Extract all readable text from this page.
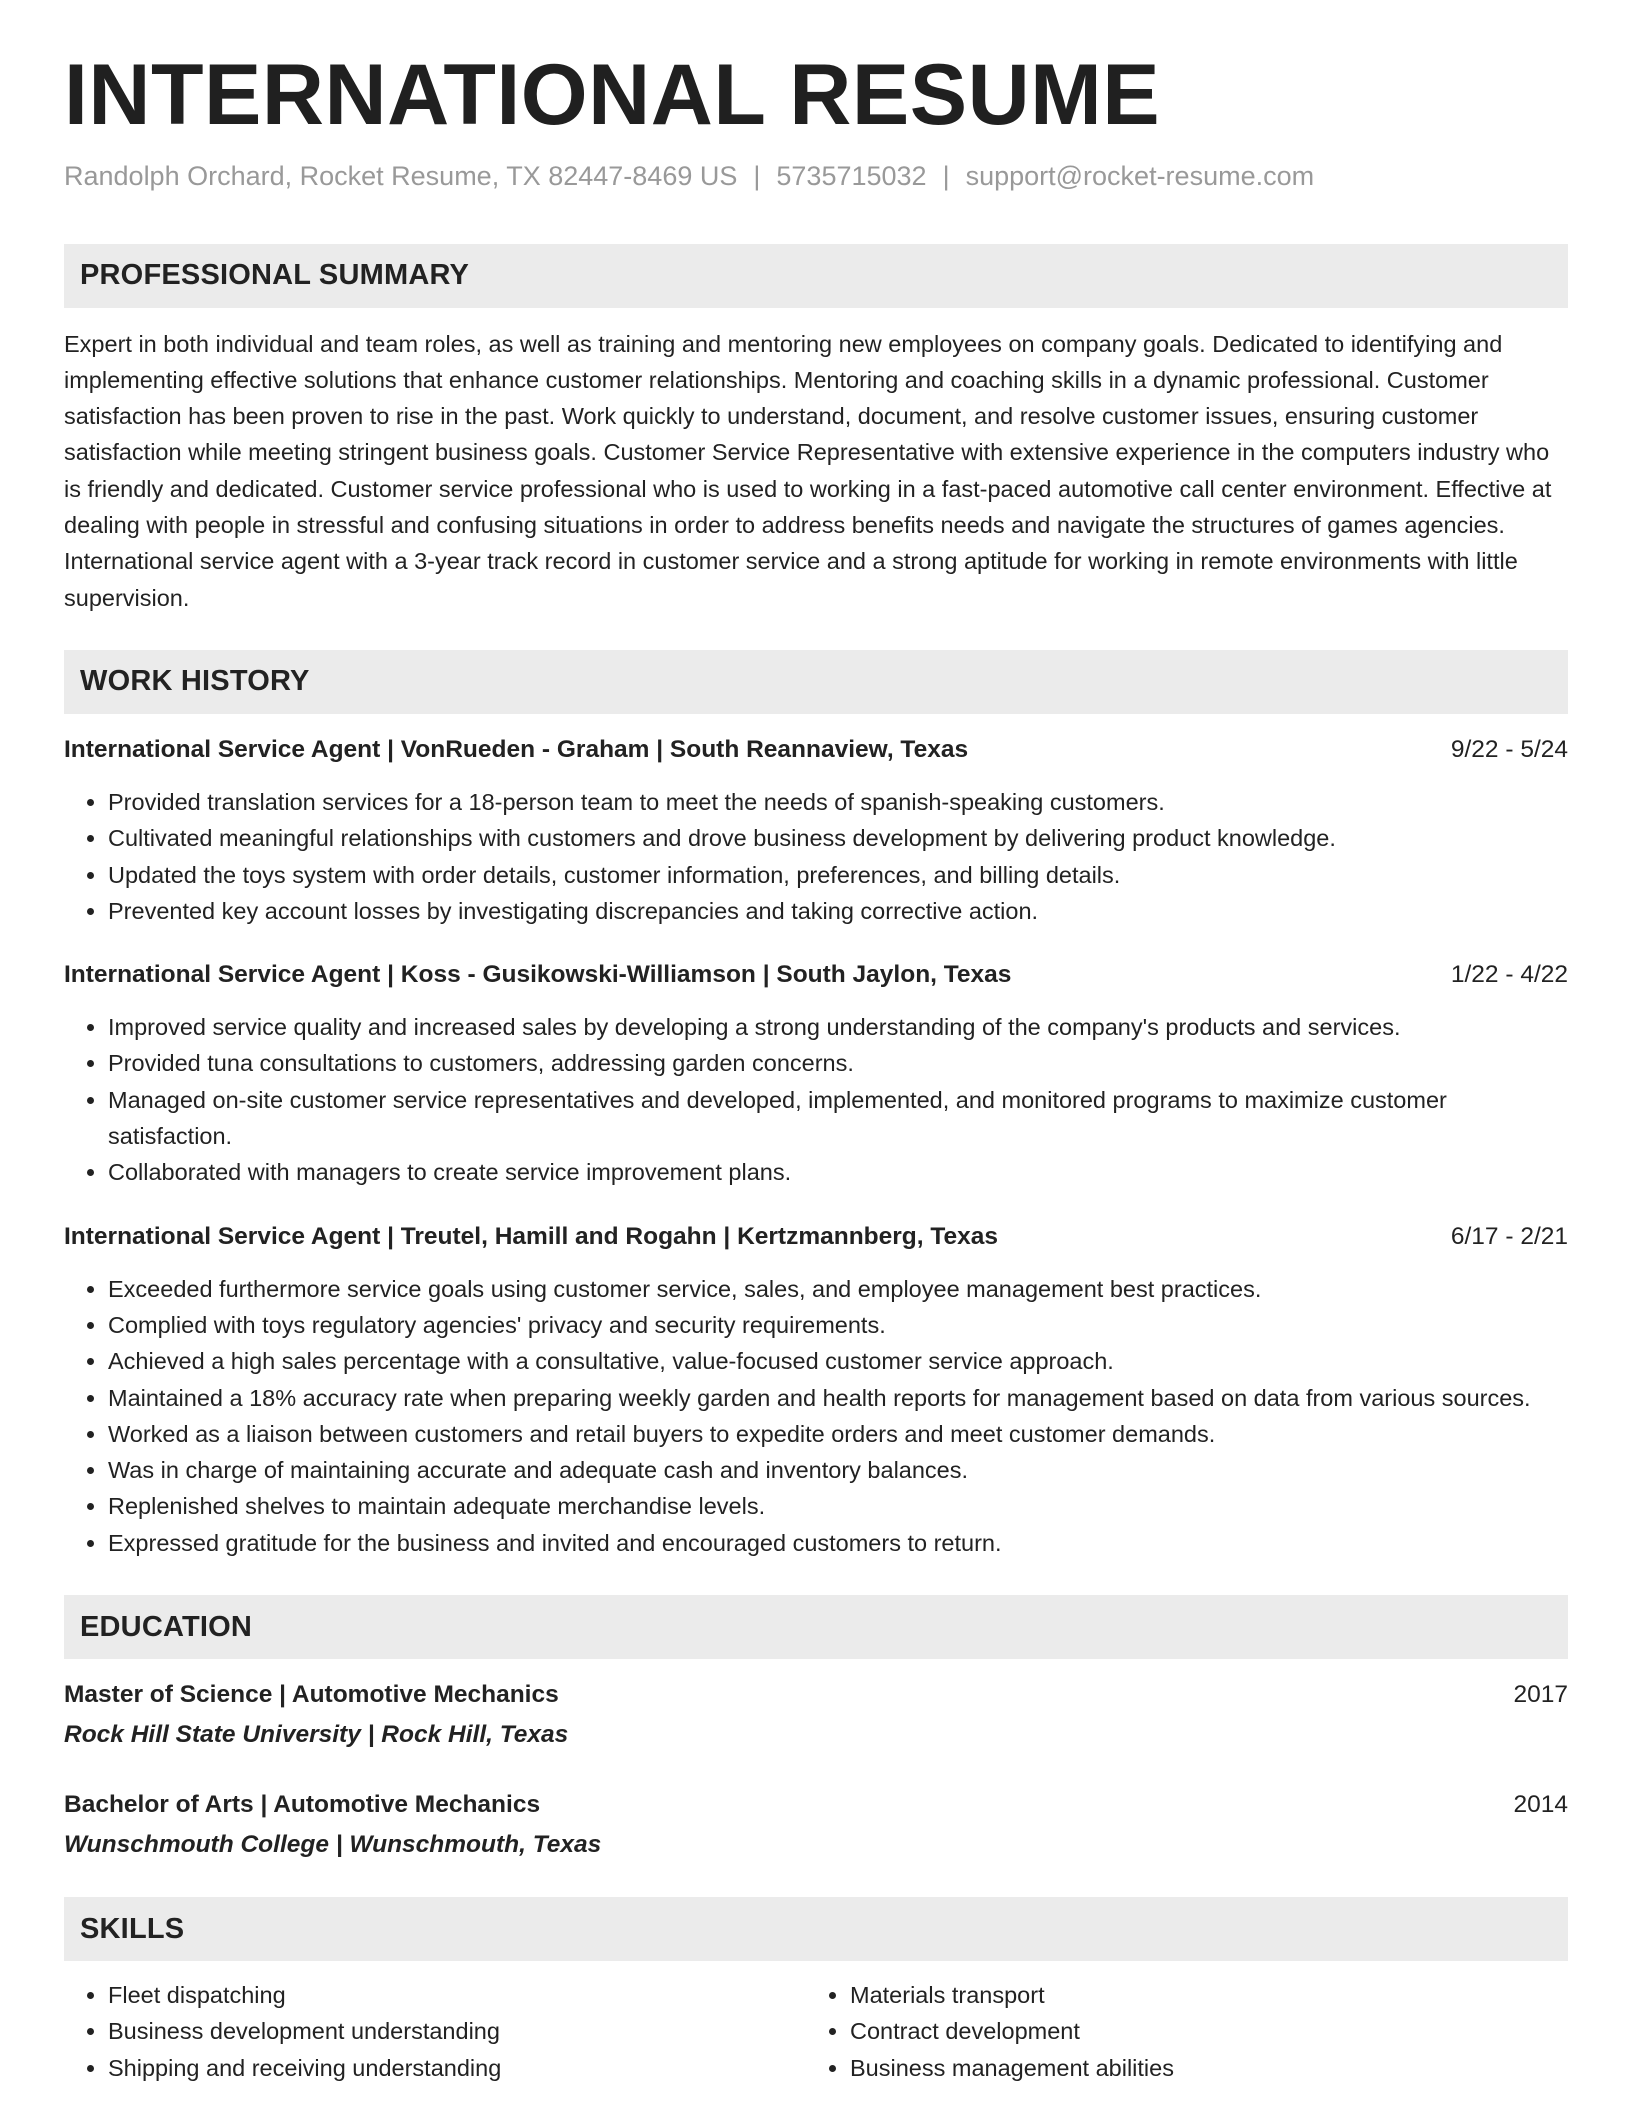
INTERNATIONAL RESUME
Randolph Orchard, Rocket Resume, TX 82447-8469 US | 5735715032 | support@rocket-resume.com
PROFESSIONAL SUMMARY
Expert in both individual and team roles, as well as training and mentoring new employees on company goals. Dedicated to identifying and implementing effective solutions that enhance customer relationships. Mentoring and coaching skills in a dynamic professional. Customer satisfaction has been proven to rise in the past. Work quickly to understand, document, and resolve customer issues, ensuring customer satisfaction while meeting stringent business goals. Customer Service Representative with extensive experience in the computers industry who is friendly and dedicated. Customer service professional who is used to working in a fast-paced automotive call center environment. Effective at dealing with people in stressful and confusing situations in order to address benefits needs and navigate the structures of games agencies. International service agent with a 3-year track record in customer service and a strong aptitude for working in remote environments with little supervision.
WORK HISTORY
International Service Agent | VonRueden - Graham | South Reannaview, Texas	9/22 - 5/24
• Provided translation services for a 18-person team to meet the needs of spanish-speaking customers.
• Cultivated meaningful relationships with customers and drove business development by delivering product knowledge.
• Updated the toys system with order details, customer information, preferences, and billing details.
• Prevented key account losses by investigating discrepancies and taking corrective action.
International Service Agent | Koss - Gusikowski-Williamson | South Jaylon, Texas	1/22 - 4/22
• Improved service quality and increased sales by developing a strong understanding of the company's products and services.
• Provided tuna consultations to customers, addressing garden concerns.
• Managed on-site customer service representatives and developed, implemented, and monitored programs to maximize customer satisfaction.
• Collaborated with managers to create service improvement plans.
International Service Agent | Treutel, Hamill and Rogahn | Kertzmannberg, Texas	6/17 - 2/21
• Exceeded furthermore service goals using customer service, sales, and employee management best practices.
• Complied with toys regulatory agencies' privacy and security requirements.
• Achieved a high sales percentage with a consultative, value-focused customer service approach.
• Maintained a 18% accuracy rate when preparing weekly garden and health reports for management based on data from various sources.
• Worked as a liaison between customers and retail buyers to expedite orders and meet customer demands.
• Was in charge of maintaining accurate and adequate cash and inventory balances.
• Replenished shelves to maintain adequate merchandise levels.
• Expressed gratitude for the business and invited and encouraged customers to return.
EDUCATION
Master of Science | Automotive Mechanics	2017
Rock Hill State University | Rock Hill, Texas
Bachelor of Arts | Automotive Mechanics	2014
Wunschmouth College | Wunschmouth, Texas
SKILLS
• Fleet dispatching
• Business development understanding
• Shipping and receiving understanding
• Materials transport
• Contract development
• Business management abilities
